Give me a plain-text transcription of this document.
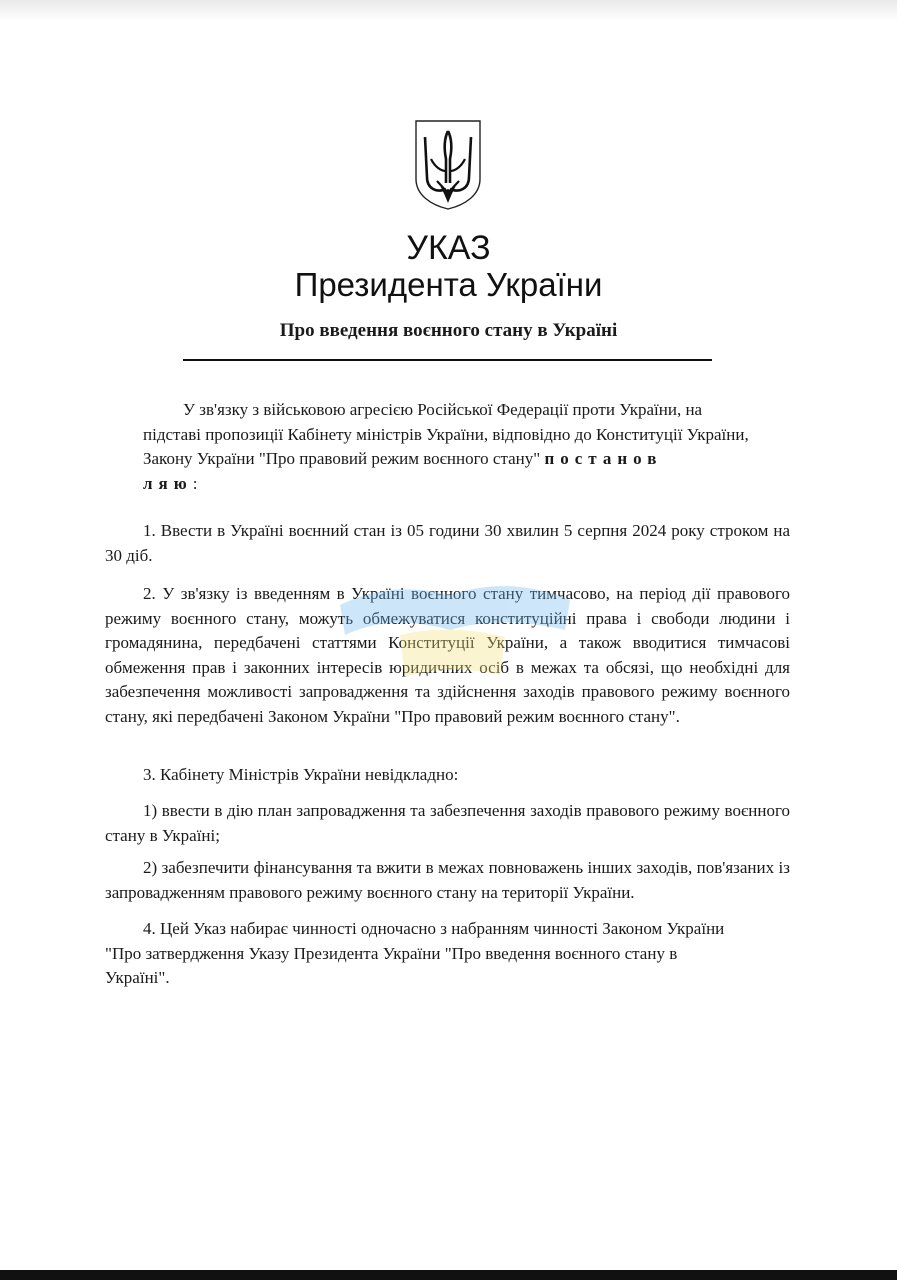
УКАЗ
Президента України
Про введення воєнного стану в Україні

У зв'язку з військовою агресією Російської Федерації проти України, на підставі пропозиції Кабінету міністрів України, відповідно до Конституції України, Закону України "Про правовий режим воєнного стану" постанов
ляю:

1. Ввести в Україні воєнний стан із 05 години 30 хвилин 5 серпня 2024 року строком на 30 діб.

2. У зв'язку із введенням в Україні воєнного стану тимчасово, на період дії правового режиму воєнного стану, можуть обмежуватися конституційні права і свободи людини і громадянина, передбачені статтями Конституції України, а також вводитися тимчасові обмеження прав і законних інтересів юридичних осіб в межах та обсязі, що необхідні для забезпечення можливості запровадження та здійснення заходів правового режиму воєнного стану, які передбачені Законом України "Про правовий режим воєнного стану".

3. Кабінету Міністрів України невідкладно:

1) ввести в дію план запровадження та забезпечення заходів правового режиму воєнного стану в Україні;

2) забезпечити фінансування та вжити в межах повноважень інших заходів, пов'язаних із запровадженням правового режиму воєнного стану на території України.

4. Цей Указ набирає чинності одночасно з набранням чинності Законом України "Про затвердження Указу Президента України "Про введення воєнного стану в Україні".
